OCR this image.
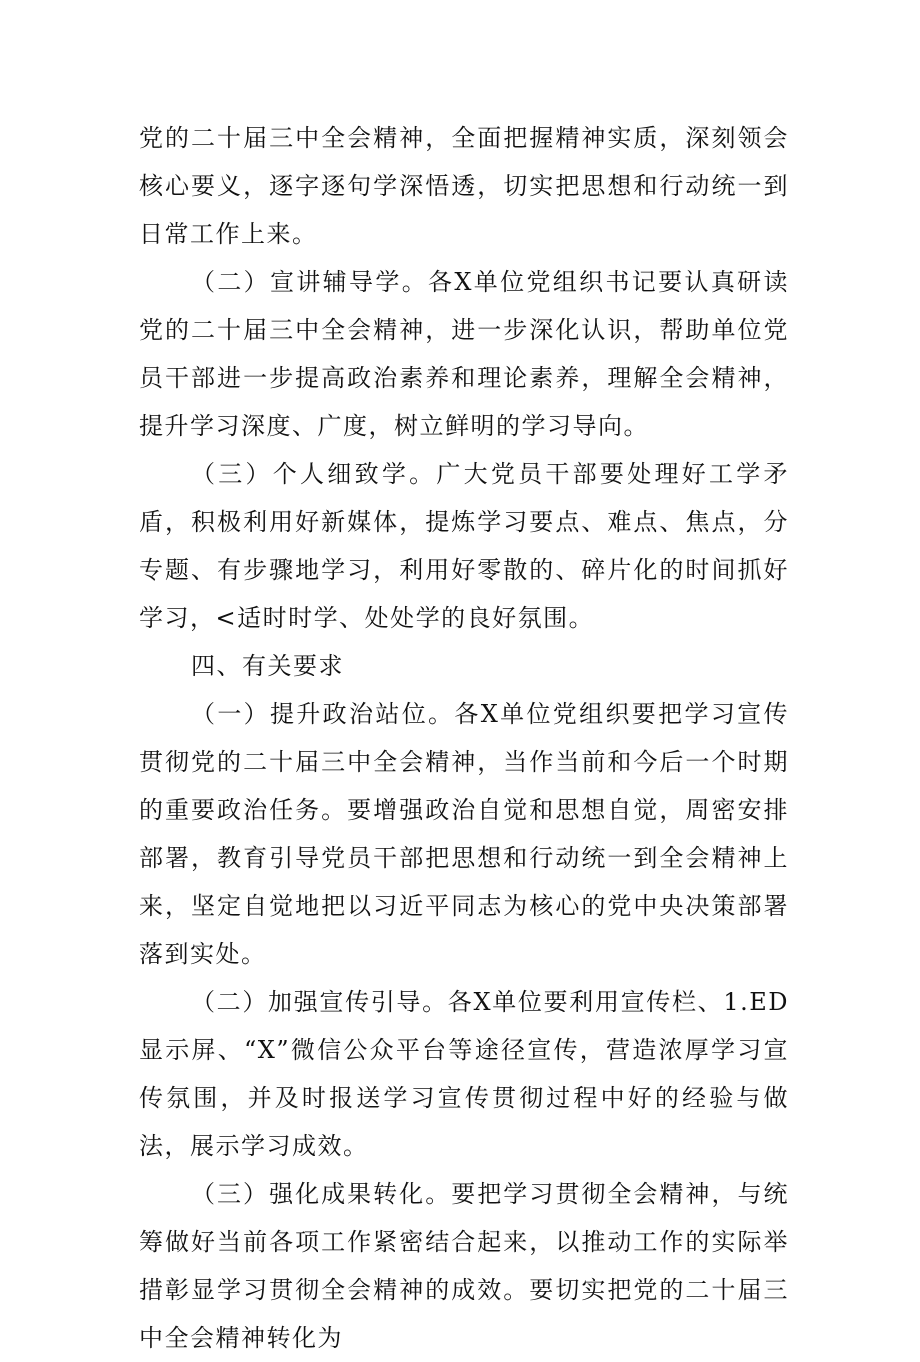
党的二十届三中全会精神，全面把握精神实质，深刻领会核心要义，逐字逐句学深悟透，切实把思想和行动统一到日常工作上来。

（二）宣讲辅导学。各X单位党组织书记要认真研读党的二十届三中全会精神，进一步深化认识，帮助单位党员干部进一步提高政治素养和理论素养，理解全会精神，提升学习深度、广度，树立鲜明的学习导向。

（三）个人细致学。广大党员干部要处理好工学矛盾，积极利用好新媒体，提炼学习要点、难点、焦点，分专题、有步骤地学习，利用好零散的、碎片化的时间抓好学习，<适时时学、处处学的良好氛围。

四、有关要求

（一）提升政治站位。各X单位党组织要把学习宣传贯彻党的二十届三中全会精神，当作当前和今后一个时期的重要政治任务。要增强政治自觉和思想自觉，周密安排部署，教育引导党员干部把思想和行动统一到全会精神上来，坚定自觉地把以习近平同志为核心的党中央决策部署落到实处。

（二）加强宣传引导。各X单位要利用宣传栏、1.ED显示屏、“X”微信公众平台等途径宣传，营造浓厚学习宣传氛围，并及时报送学习宣传贯彻过程中好的经验与做法，展示学习成效。

（三）强化成果转化。要把学习贯彻全会精神，与统筹做好当前各项工作紧密结合起来，以推动工作的实际举措彰显学习贯彻全会精神的成效。要切实把党的二十届三中全会精神转化为
